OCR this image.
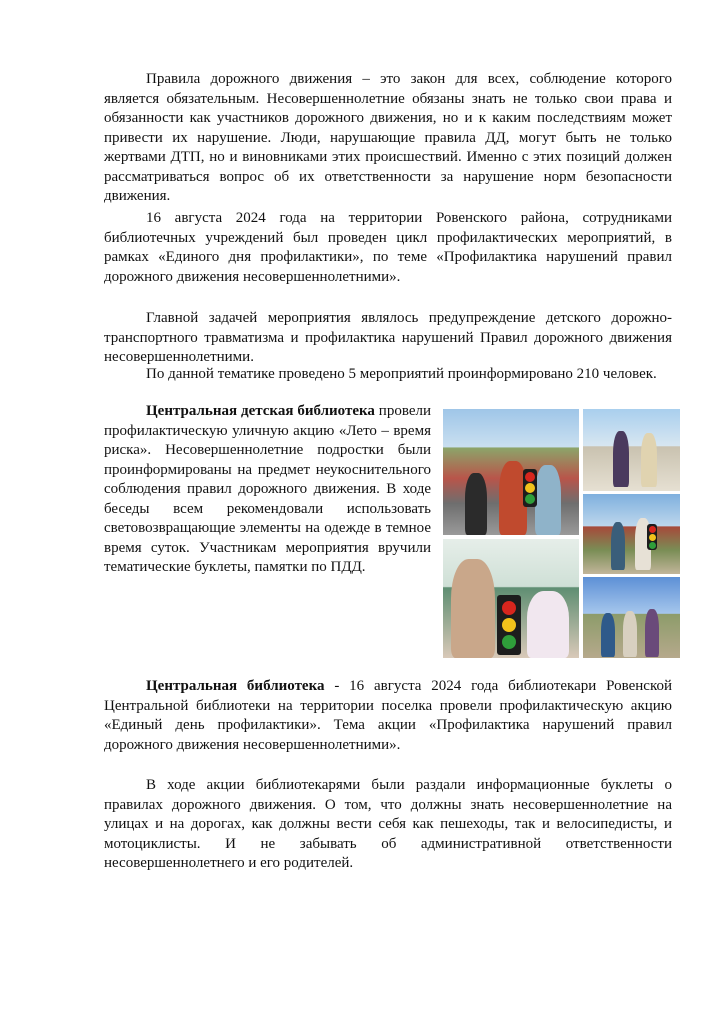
Правила дорожного движения – это закон для всех, соблюдение которого является обязательным. Несовершеннолетние обязаны знать не только свои права и обязанности как участников дорожного движения, но и к каким последствиям может привести их нарушение. Люди, нарушающие правила ДД, могут быть не только жертвами ДТП, но и виновниками этих происшествий. Именно с этих позиций должен рассматриваться вопрос об их ответственности за нарушение норм безопасности движения.

16 августа 2024 года на территории Ровенского района, сотрудниками библиотечных учреждений был проведен цикл профилактических мероприятий, в рамках «Единого дня профилактики», по теме «Профилактика нарушений правил дорожного движения несовершеннолетними».

Главной задачей мероприятия являлось предупреждение детского дорожно-транспортного травматизма и профилактика нарушений Правил дорожного движения несовершеннолетними.

По данной тематике проведено 5 мероприятий проинформировано 210 человек.

Центральная детская библиотека провели профилактическую уличную акцию «Лето – время риска». Несовершеннолетние подростки были проинформированы на предмет неукоснительного соблюдения правил дорожного движения. В ходе беседы всем рекомендовали использовать световозвращающие элементы на одежде в темное время суток. Участникам мероприятия вручили тематические буклеты, памятки по ПДД.

Центральная библиотека - 16 августа 2024 года библиотекари Ровенской Центральной библиотеки на территории поселка провели профилактическую акцию «Единый день профилактики». Тема акции «Профилактика нарушений правил дорожного движения несовершеннолетними».

В ходе акции библиотекарями были раздали информационные буклеты о правилах дорожного движения. О том, что должны знать несовершеннолетние на улицах и на дорогах, как должны вести себя как пешеходы, так и велосипедисты, и мотоциклисты. И не забывать об административной ответственности несовершеннолетнего и его родителей.
